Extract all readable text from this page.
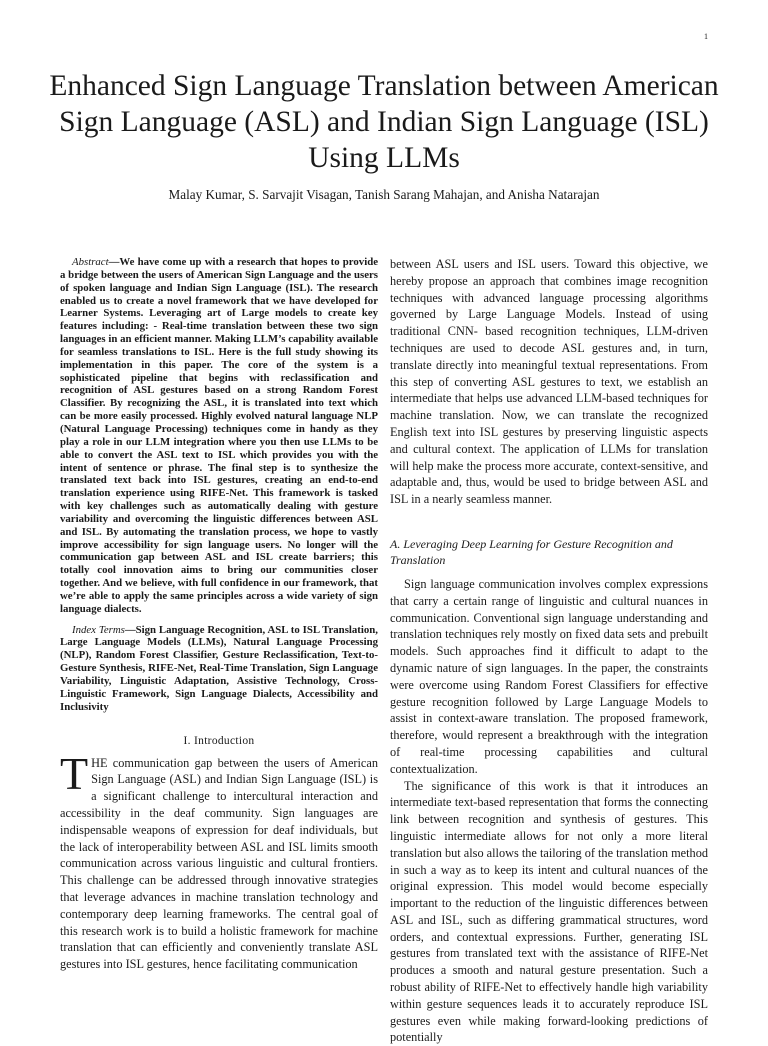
1
Enhanced Sign Language Translation between American Sign Language (ASL) and Indian Sign Language (ISL) Using LLMs
Malay Kumar, S. Sarvajit Visagan, Tanish Sarang Mahajan, and Anisha Natarajan

Abstract—We have come up with a research that hopes to provide a bridge between the users of American Sign Language and the users of spoken language and Indian Sign Language (ISL). The research enabled us to create a novel framework that we have developed for Learner Systems. Leveraging art of Large models to create key features including: - Real-time translation between these two sign languages in an efficient manner. Making LLM’s capability available for seamless translations to ISL. Here is the full study showing its implementation in this paper. The core of the system is a sophisticated pipeline that begins with reclassification and recognition of ASL gestures based on a strong Random Forest Classifier. By recognizing the ASL, it is translated into text which can be more easily processed. Highly evolved natural language NLP (Natural Language Processing) techniques come in handy as they play a role in our LLM integration where you then use LLMs to be able to convert the ASL text to ISL which provides you with the intent of sentence or phrase. The final step is to synthesize the translated text back into ISL gestures, creating an end-to-end translation experience using RIFE-Net. This framework is tasked with key challenges such as automatically dealing with gesture variability and overcoming the linguistic differences between ASL and ISL. By automating the translation process, we hope to vastly improve accessibility for sign language users. No longer will the communication gap between ASL and ISL create barriers; this totally cool innovation aims to bring our communities closer together. And we believe, with full confidence in our framework, that we’re able to apply the same principles across a wide variety of sign language dialects.

Index Terms—Sign Language Recognition, ASL to ISL Translation, Large Language Models (LLMs), Natural Language Processing (NLP), Random Forest Classifier, Gesture Reclassification, Text-to-Gesture Synthesis, RIFE-Net, Real-Time Translation, Sign Language Variability, Linguistic Adaptation, Assistive Technology, Cross-Linguistic Framework, Sign Language Dialects, Accessibility and Inclusivity

I. Introduction

THE communication gap between the users of American Sign Language (ASL) and Indian Sign Language (ISL) is a significant challenge to intercultural interaction and accessibility in the deaf community. Sign languages are indispensable weapons of expression for deaf individuals, but the lack of interoperability between ASL and ISL limits smooth communication across various linguistic and cultural frontiers. This challenge can be addressed through innovative strategies that leverage advances in machine translation technology and contemporary deep learning frameworks. The central goal of this research work is to build a holistic framework for machine translation that can efficiently and conveniently translate ASL gestures into ISL gestures, hence facilitating communication

between ASL users and ISL users. Toward this objective, we hereby propose an approach that combines image recognition techniques with advanced language processing algorithms governed by Large Language Models. Instead of using traditional CNN- based recognition techniques, LLM-driven techniques are used to decode ASL gestures and, in turn, translate directly into meaningful textual representations. From this step of converting ASL gestures to text, we establish an intermediate that helps use advanced LLM-based techniques for machine translation. Now, we can translate the recognized English text into ISL gestures by preserving linguistic aspects and cultural context. The application of LLMs for translation will help make the process more accurate, context-sensitive, and adaptable and, thus, would be used to bridge between ASL and ISL in a nearly seamless manner.

A. Leveraging Deep Learning for Gesture Recognition and Translation

Sign language communication involves complex expressions that carry a certain range of linguistic and cultural nuances in communication. Conventional sign language understanding and translation techniques rely mostly on fixed data sets and prebuilt models. Such approaches find it difficult to adapt to the dynamic nature of sign languages. In the paper, the constraints were overcome using Random Forest Classifiers for effective gesture recognition followed by Large Language Models to assist in context-aware translation. The proposed framework, therefore, would represent a breakthrough with the integration of real-time processing capabilities and cultural contextualization.

The significance of this work is that it introduces an intermediate text-based representation that forms the connecting link between recognition and synthesis of gestures. This linguistic intermediate allows for not only a more literal translation but also allows the tailoring of the translation method in such a way as to keep its intent and cultural nuances of the original expression. This model would become especially important to the reduction of the linguistic differences between ASL and ISL, such as differing grammatical structures, word orders, and contextual expressions. Further, generating ISL gestures from translated text with the assistance of RIFE-Net produces a smooth and natural gesture presentation. Such a robust ability of RIFE-Net to effectively handle high variability within gesture sequences leads it to accurately reproduce ISL gestures even while making forward-looking predictions of potentially
